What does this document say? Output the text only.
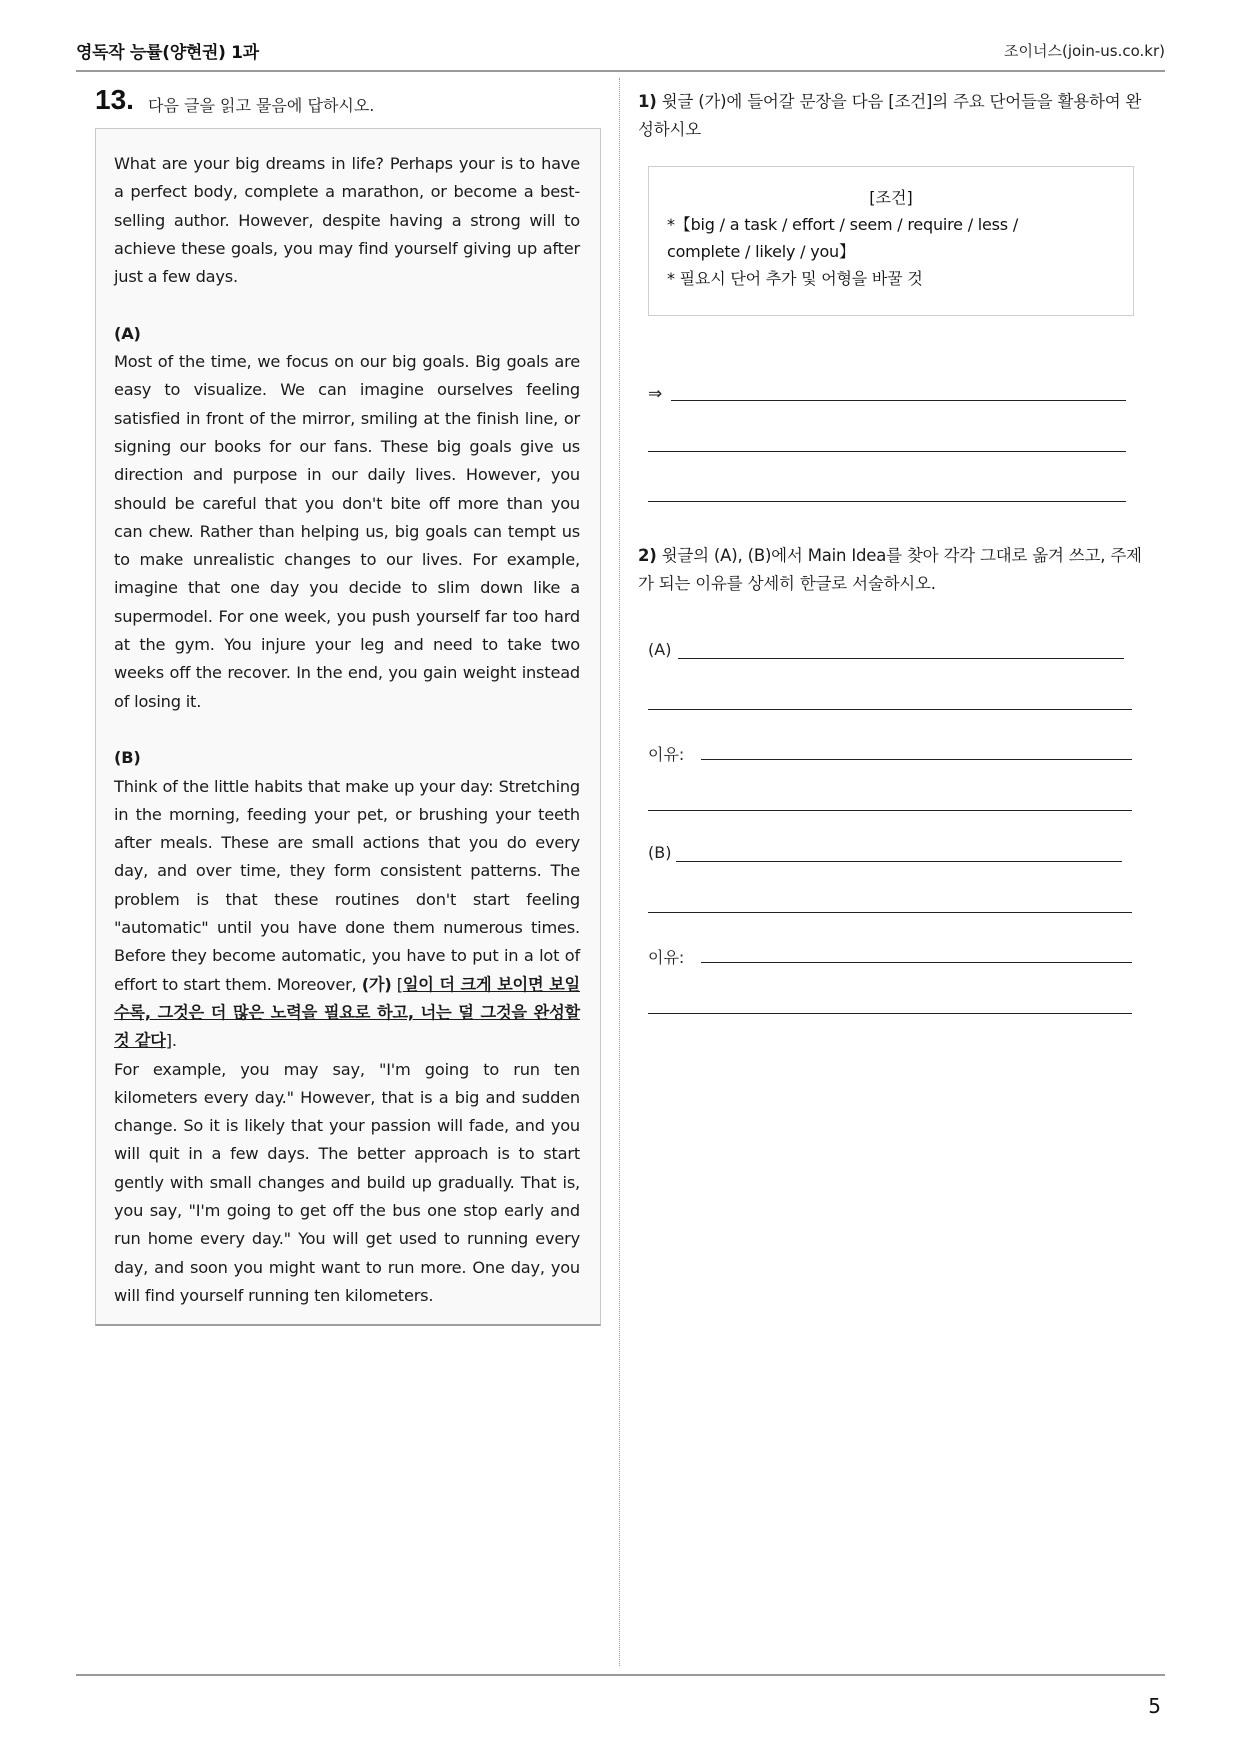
영독작 능률(양현권) 1과	조이너스(join-us.co.kr)
13. 다음 글을 읽고 물음에 답하시오.

What are your big dreams in life? Perhaps your is to have a perfect body, complete a marathon, or become a best-selling author. However, despite having a strong will to achieve these goals, you may find yourself giving up after just a few days.

(A)

Most of the time, we focus on our big goals. Big goals are easy to visualize. We can imagine ourselves feeling satisfied in front of the mirror, smiling at the finish line, or signing our books for our fans. These big goals give us direction and purpose in our daily lives. However, you should be careful that you don't bite off more than you can chew. Rather than helping us, big goals can tempt us to make unrealistic changes to our lives. For example, imagine that one day you decide to slim down like a supermodel. For one week, you push yourself far too hard at the gym. You injure your leg and need to take two weeks off the recover. In the end, you gain weight instead of losing it.

(B)

Think of the little habits that make up your day: Stretching in the morning, feeding your pet, or brushing your teeth after meals. These are small actions that you do every day, and over time, they form consistent patterns. The problem is that these routines don't start feeling "automatic" until you have done them numerous times. Before they become automatic, you have to put in a lot of effort to start them. Moreover, (가) [일이 더 크게 보이면 보일수록, 그것은 더 많은 노력을 필요로 하고, 너는 덜 그것을 완성할 것 같다].

For example, you may say, "I'm going to run ten kilometers every day." However, that is a big and sudden change. So it is likely that your passion will fade, and you will quit in a few days. The better approach is to start gently with small changes and build up gradually. That is, you say, "I'm going to get off the bus one stop early and run home every day." You will get used to running every day, and soon you might want to run more. One day, you will find yourself running ten kilometers.

1) 윗글 (가)에 들어갈 문장을 다음 [조건]의 주요 단어들을 활용하여 완성하시오

[조건]
*【big / a task / effort / seem / require / less /
complete / likely / you】
* 필요시 단어 추가 및 어형을 바꿀 것
⇒

2) 윗글의 (A), (B)에서 Main Idea를 찾아 각각 그대로 옮겨 쓰고, 주제가 되는 이유를 상세히 한글로 서술하시오.

(A)
이유:
(B)
이유:
5
